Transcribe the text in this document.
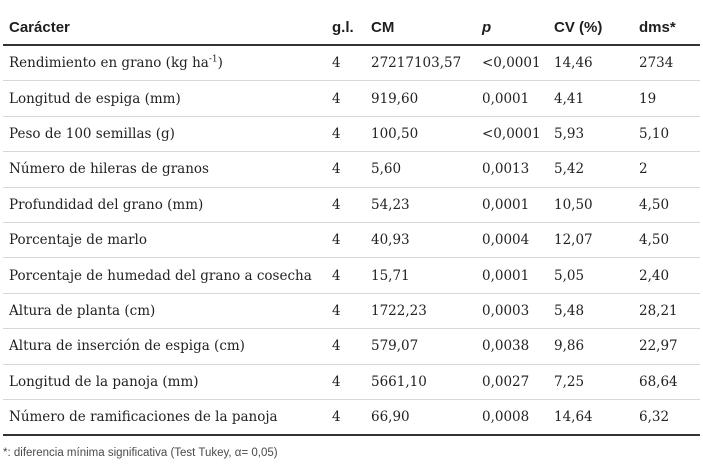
Carácter	g.l.	CM	p	CV (%)	dms*
Rendimiento en grano (kg $ha^{-1}$)	4	27217103,57	<0,0001	14,46	2734
Longitud de espiga (mm)	4	919,60	0,0001	4,41	19
Peso de 100 semillas (g)	4	100,50	<0,0001	5,93	5,10
Número de hileras de granos	4	5,60	0,0013	5,42	2
Profundidad del grano (mm)	4	54,23	0,0001	10,50	4,50
Porcentaje de marlo	4	40,93	0,0004	12,07	4,50
Porcentaje de humedad del grano a cosecha	4	15,71	0,0001	5,05	2,40
Altura de planta (cm)	4	1722,23	0,0003	5,48	28,21
Altura de inserción de espiga (cm)	4	579,07	0,0038	9,86	22,97
Longitud de la panoja (mm)	4	5661,10	0,0027	7,25	68,64
Número de ramificaciones de la panoja	4	66,90	0,0008	14,64	6,32
*: diferencia mínima significativa (Test Tukey, α= 0,05)
